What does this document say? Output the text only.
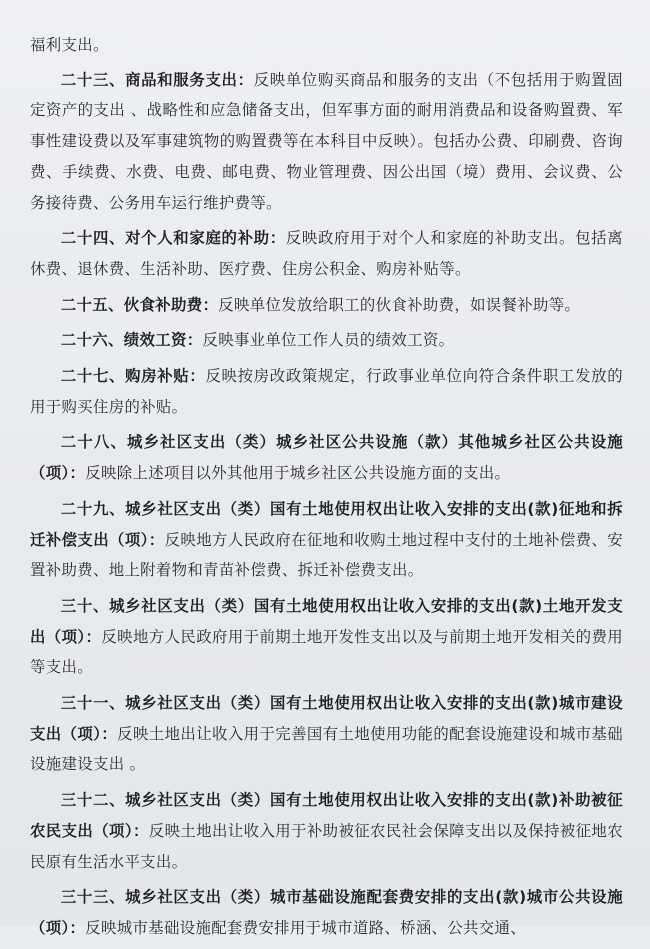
福利支出。

二十三、商品和服务支出：反映单位购买商品和服务的支出（不包括用于购置固定资产的支出 、战略性和应急储备支出，但军事方面的耐用消费品和设备购置费、军事性建设费以及军事建筑物的购置费等在本科目中反映）。包括办公费、印刷费、咨询费、手续费、水费、电费、邮电费、物业管理费、因公出国（境）费用、会议费、公务接待费、公务用车运行维护费等。

二十四、对个人和家庭的补助：反映政府用于对个人和家庭的补助支出。包括离休费、退休费、生活补助、医疗费、住房公积金、购房补贴等。

二十五、伙食补助费：反映单位发放给职工的伙食补助费，如误餐补助等。

二十六、绩效工资：反映事业单位工作人员的绩效工资。

二十七、购房补贴：反映按房改政策规定，行政事业单位向符合条件职工发放的用于购买住房的补贴。

二十八、城乡社区支出（类）城乡社区公共设施（款）其他城乡社区公共设施（项）：反映除上述项目以外其他用于城乡社区公共设施方面的支出。

二十九、城乡社区支出（类）国有土地使用权出让收入安排的支出(款)征地和拆迁补偿支出（项）：反映地方人民政府在征地和收购土地过程中支付的土地补偿费、安置补助费、地上附着物和青苗补偿费、拆迁补偿费支出。

三十、城乡社区支出（类）国有土地使用权出让收入安排的支出(款)土地开发支出（项）：反映地方人民政府用于前期土地开发性支出以及与前期土地开发相关的费用等支出。

三十一、城乡社区支出（类）国有土地使用权出让收入安排的支出(款)城市建设支出（项）：反映土地出让收入用于完善国有土地使用功能的配套设施建设和城市基础设施建设支出 。

三十二、城乡社区支出（类）国有土地使用权出让收入安排的支出(款)补助被征农民支出（项）：反映土地出让收入用于补助被征农民社会保障支出以及保持被征地农民原有生活水平支出。

三十三、城乡社区支出（类）城市基础设施配套费安排的支出(款)城市公共设施（项）：反映城市基础设施配套费安排用于城市道路、桥涵、公共交通、
